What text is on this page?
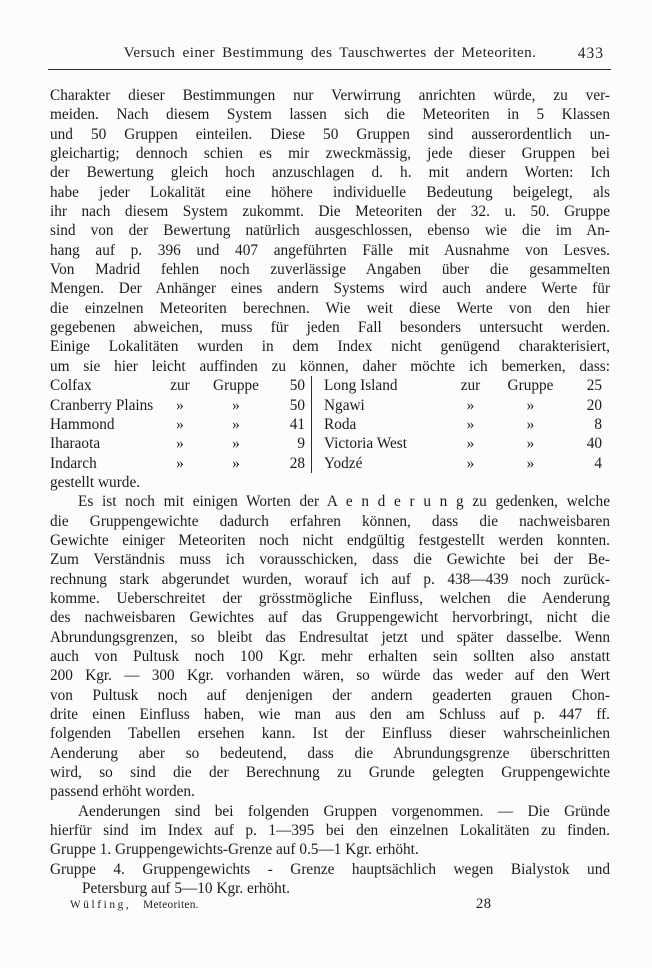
Versuch einer Bestimmung des Tauschwertes der Meteoriten.	433
Charakter dieser Bestimmungen nur Verwirrung anrichten würde, zu ver-
meiden. Nach diesem System lassen sich die Meteoriten in 5 Klassen
und 50 Gruppen einteilen. Diese 50 Gruppen sind ausserordentlich un-
gleichartig; dennoch schien es mir zweckmässig, jede dieser Gruppen bei
der Bewertung gleich hoch anzuschlagen d. h. mit andern Worten: Ich
habe jeder Lokalität eine höhere individuelle Bedeutung beigelegt, als
ihr nach diesem System zukommt. Die Meteoriten der 32. u. 50. Gruppe
sind von der Bewertung natürlich ausgeschlossen, ebenso wie die im An-
hang auf p. 396 und 407 angeführten Fälle mit Ausnahme von Lesves.
Von Madrid fehlen noch zuverlässige Angaben über die gesammelten
Mengen. Der Anhänger eines andern Systems wird auch andere Werte für
die einzelnen Meteoriten berechnen. Wie weit diese Werte von den hier
gegebenen abweichen, muss für jeden Fall besonders untersucht werden.
Einige Lokalitäten wurden in dem Index nicht genügend charakterisiert,
um sie hier leicht auffinden zu können, daher möchte ich bemerken, dass:
Colfax	zur	Gruppe	50
Cranberry Plains	»	»	50
Hammond	»	»	41
Iharaota	»	»	9
Indarch	»	»	28
Long Island	zur	Gruppe	25
Ngawi	»	»	20
Roda	»	»	8
Victoria West	»	»	40
Yodzé	»	»	4
gestellt wurde.
Es ist noch mit einigen Worten der A e n d e r u n g zu gedenken, welche
die Gruppengewichte dadurch erfahren können, dass die nachweisbaren
Gewichte einiger Meteoriten noch nicht endgültig festgestellt werden konnten.
Zum Verständnis muss ich vorausschicken, dass die Gewichte bei der Be-
rechnung stark abgerundet wurden, worauf ich auf p. 438—439 noch zurück-
komme. Ueberschreitet der grösstmögliche Einfluss, welchen die Aenderung
des nachweisbaren Gewichtes auf das Gruppengewicht hervorbringt, nicht die
Abrundungsgrenzen, so bleibt das Endresultat jetzt und später dasselbe. Wenn
auch von Pultusk noch 100 Kgr. mehr erhalten sein sollten also anstatt
200 Kgr. — 300 Kgr. vorhanden wären, so würde das weder auf den Wert
von Pultusk noch auf denjenigen der andern geaderten grauen Chon-
drite einen Einfluss haben, wie man aus den am Schluss auf p. 447 ff.
folgenden Tabellen ersehen kann. Ist der Einfluss dieser wahrscheinlichen
Aenderung aber so bedeutend, dass die Abrundungsgrenze überschritten
wird, so sind die der Berechnung zu Grunde gelegten Gruppengewichte
passend erhöht worden.
Aenderungen sind bei folgenden Gruppen vorgenommen. — Die Gründe
hierfür sind im Index auf p. 1—395 bei den einzelnen Lokalitäten zu finden.
Gruppe 1. Gruppengewichts-Grenze auf 0.5—1 Kgr. erhöht.
Gruppe 4. Gruppengewichts - Grenze hauptsächlich wegen Bialystok und
Petersburg auf 5—10 Kgr. erhöht.
Wülfing, Meteoriten.	28
